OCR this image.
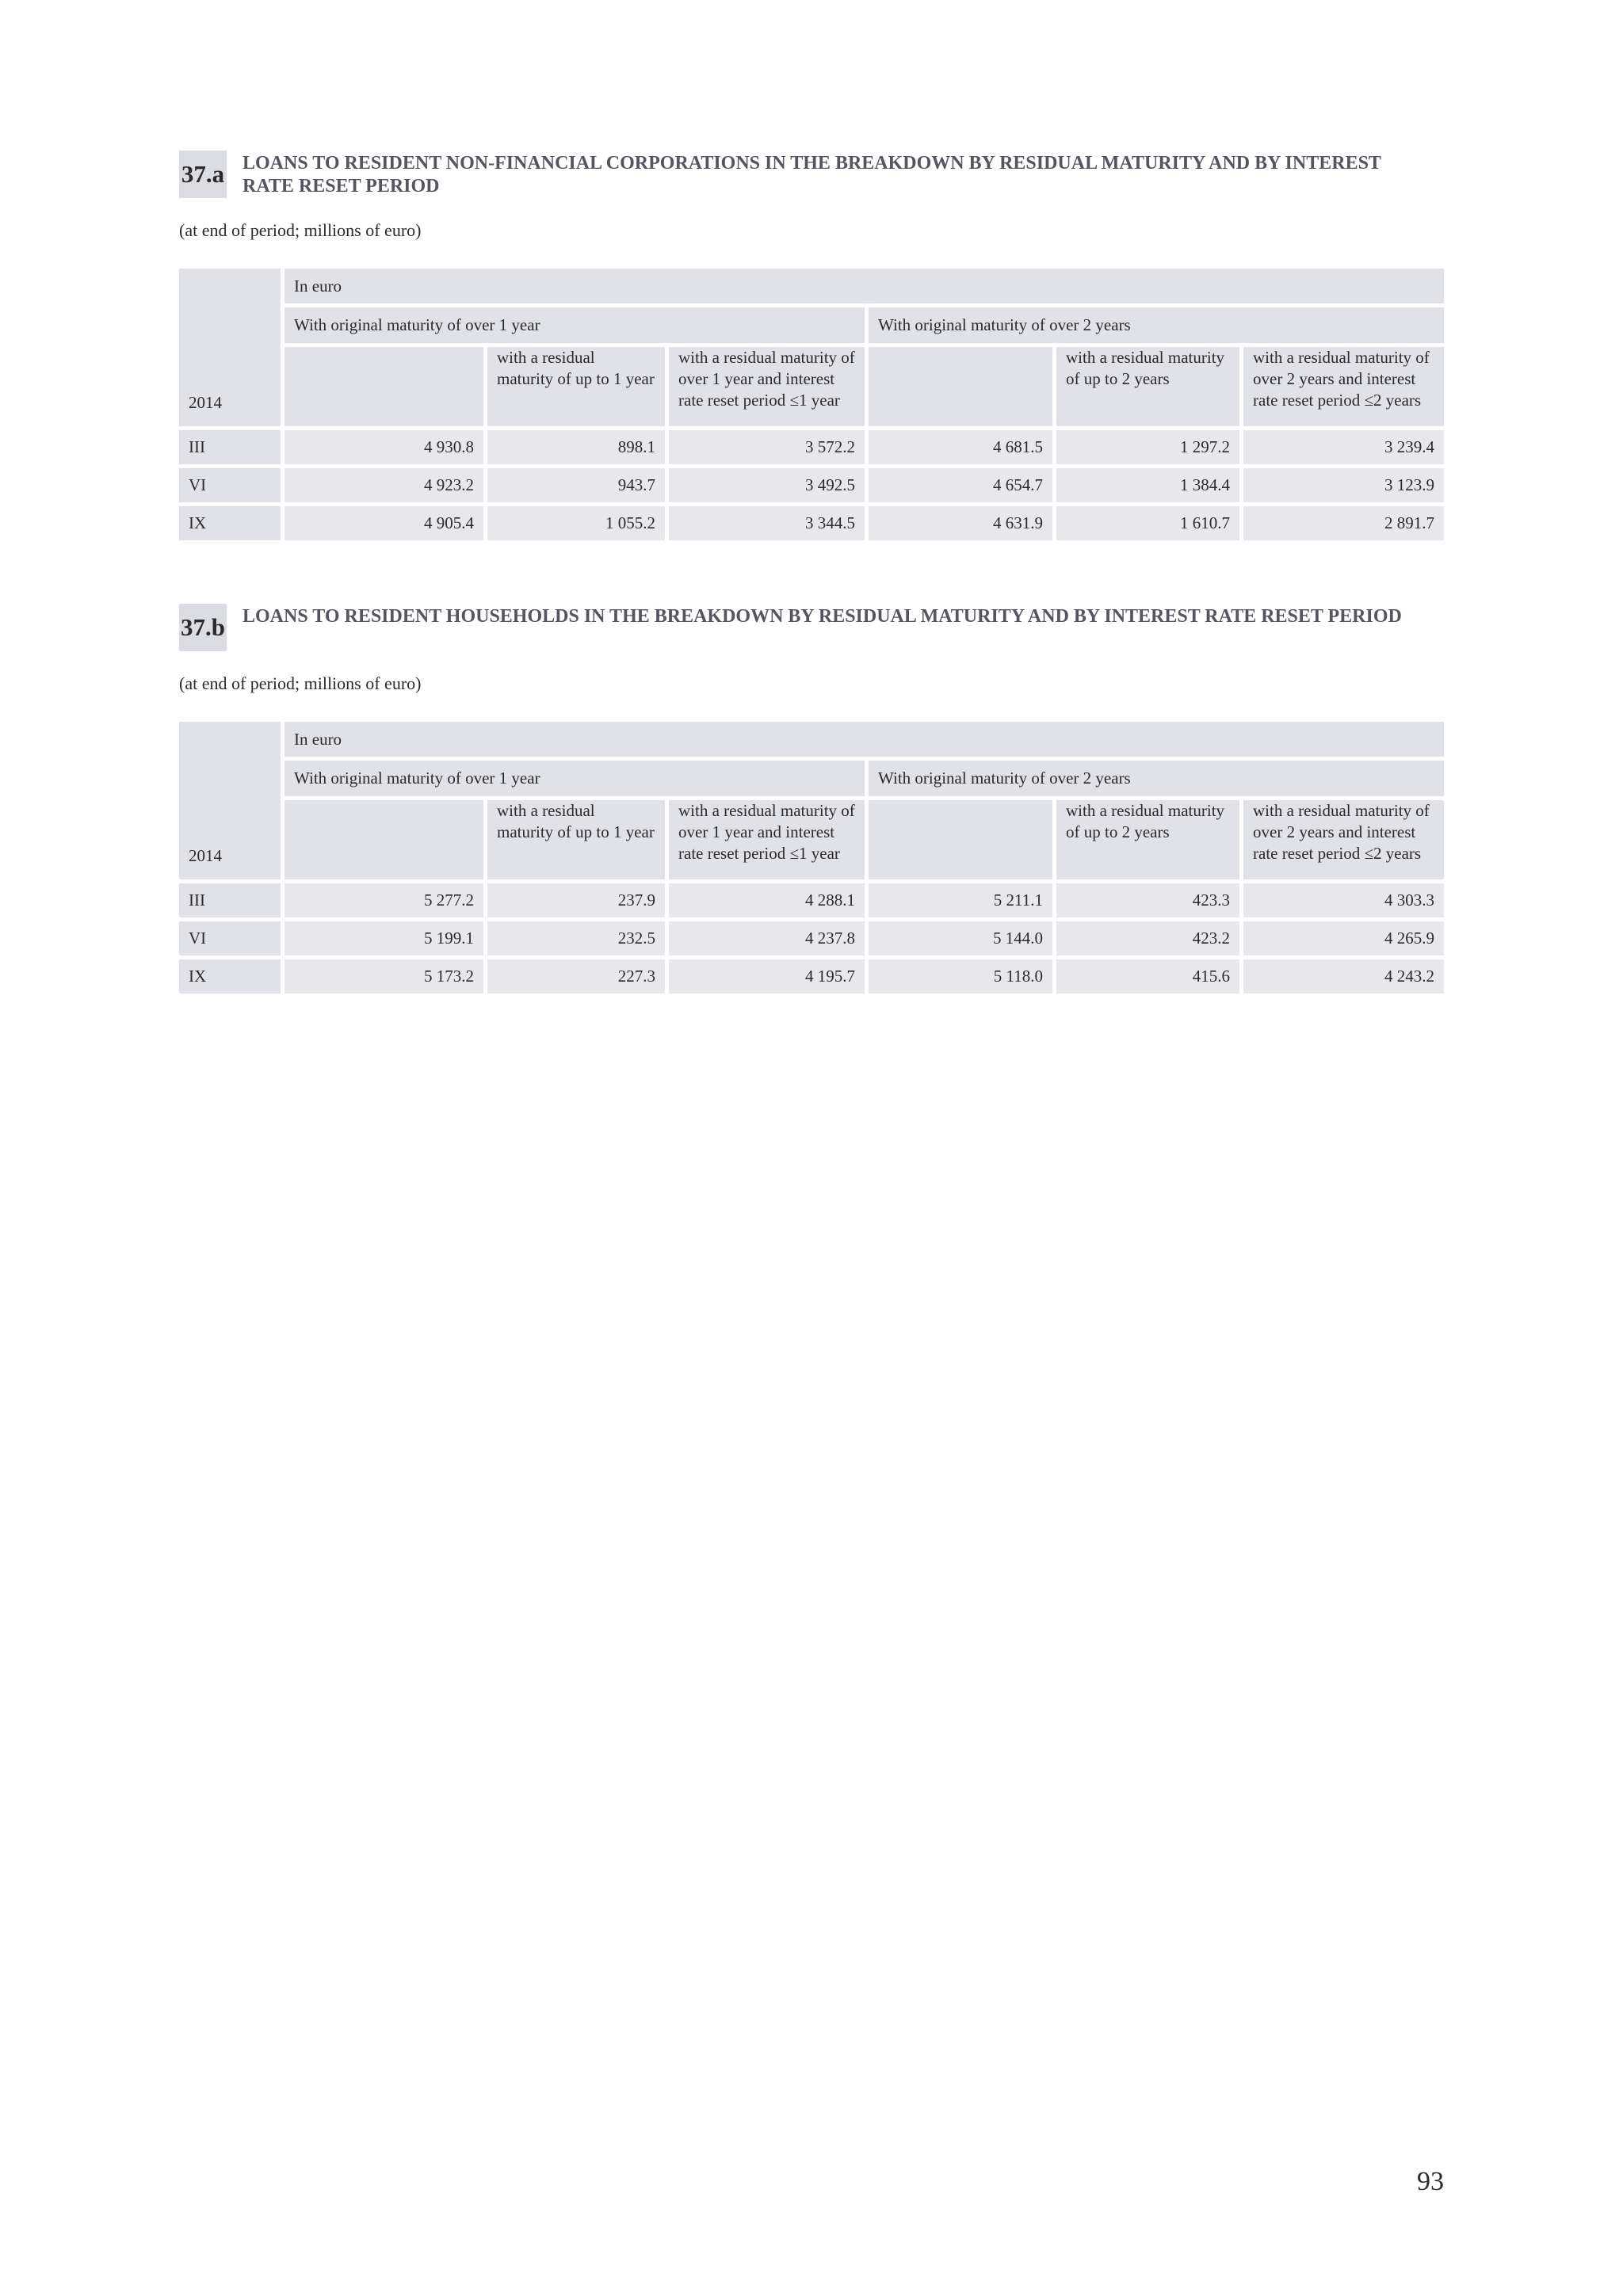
37.a LOANS TO RESIDENT NON-FINANCIAL CORPORATIONS IN THE BREAKDOWN BY RESIDUAL MATURITY AND BY INTEREST RATE RESET PERIOD
(at end of period; millions of euro)
2014	In euro					
	With original maturity of over 1 year			With original maturity of over 2 years		
		with a residual maturity of up to 1 year	with a residual maturity of over 1 year and interest rate reset period ≤1 year		with a residual maturity of up to 2 years	with a residual maturity of over 2 years and interest rate reset period ≤2 years
III	4 930.8	898.1	3 572.2	4 681.5	1 297.2	3 239.4
VI	4 923.2	943.7	3 492.5	4 654.7	1 384.4	3 123.9
IX	4 905.4	1 055.2	3 344.5	4 631.9	1 610.7	2 891.7
37.b LOANS TO RESIDENT HOUSEHOLDS IN THE BREAKDOWN BY RESIDUAL MATURITY AND BY INTEREST RATE RESET PERIOD
(at end of period; millions of euro)
2014	In euro					
	With original maturity of over 1 year			With original maturity of over 2 years		
		with a residual maturity of up to 1 year	with a residual maturity of over 1 year and interest rate reset period ≤1 year		with a residual maturity of up to 2 years	with a residual maturity of over 2 years and interest rate reset period ≤2 years
III	5 277.2	237.9	4 288.1	5 211.1	423.3	4 303.3
VI	5 199.1	232.5	4 237.8	5 144.0	423.2	4 265.9
IX	5 173.2	227.3	4 195.7	5 118.0	415.6	4 243.2
93
